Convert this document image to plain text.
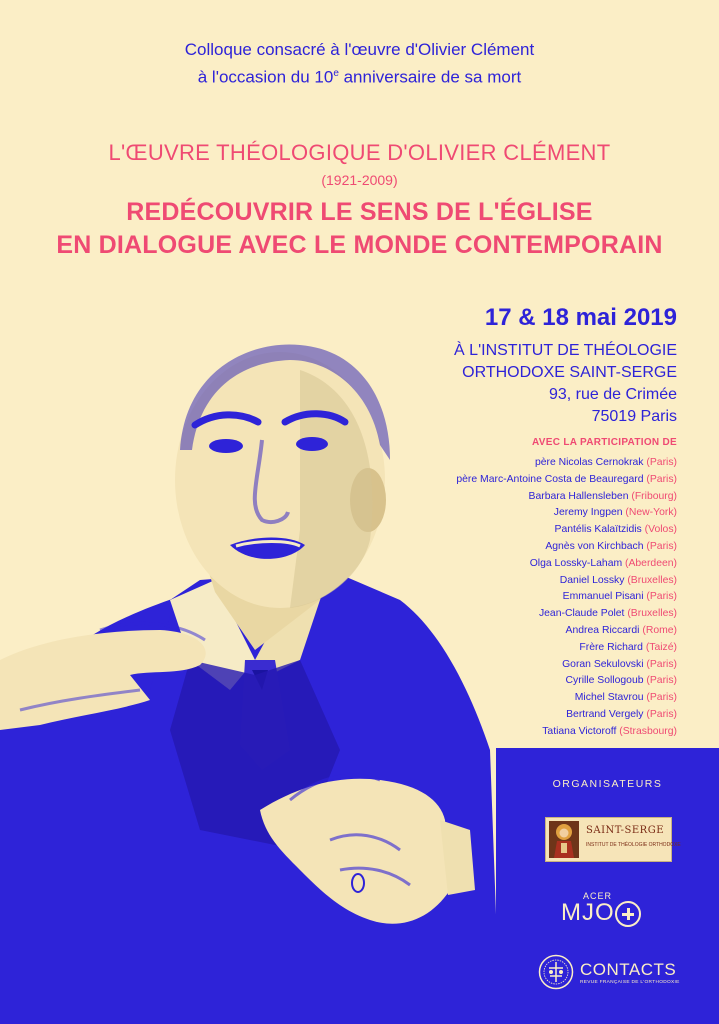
Colloque consacré à l'œuvre d'Olivier Clément
à l'occasion du 10e anniversaire de sa mort
L'ŒUVRE THÉOLOGIQUE D'OLIVIER CLÉMENT
(1921-2009)
REDÉCOUVRIR LE SENS DE L'ÉGLISE
EN DIALOGUE AVEC LE MONDE CONTEMPORAIN
17 & 18 mai 2019
À L'INSTITUT DE THÉOLOGIE
ORTHODOXE SAINT-SERGE
93, rue de Crimée
75019 Paris
AVEC LA PARTICIPATION DE
père Nicolas Cernokrak (Paris)
père Marc-Antoine Costa de Beauregard (Paris)
Barbara Hallensleben (Fribourg)
Jeremy Ingpen (New-York)
Pantélis Kalaïtzidis (Volos)
Agnès von Kirchbach (Paris)
Olga Lossky-Laham (Aberdeen)
Daniel Lossky (Bruxelles)
Emmanuel Pisani (Paris)
Jean-Claude Polet (Bruxelles)
Andrea Riccardi (Rome)
Frère Richard (Taizé)
Goran Sekulovski (Paris)
Cyrille Sollogoub (Paris)
Michel Stavrou (Paris)
Bertrand Vergely (Paris)
Tatiana Victoroff (Strasbourg)
ORGANISATEURS
SAINT-SERGE
INSTITUT DE THÉOLOGIE ORTHODOXE
ACER
MJO
CONTACTS
REVUE FRANÇAISE DE L'ORTHODOXIE
